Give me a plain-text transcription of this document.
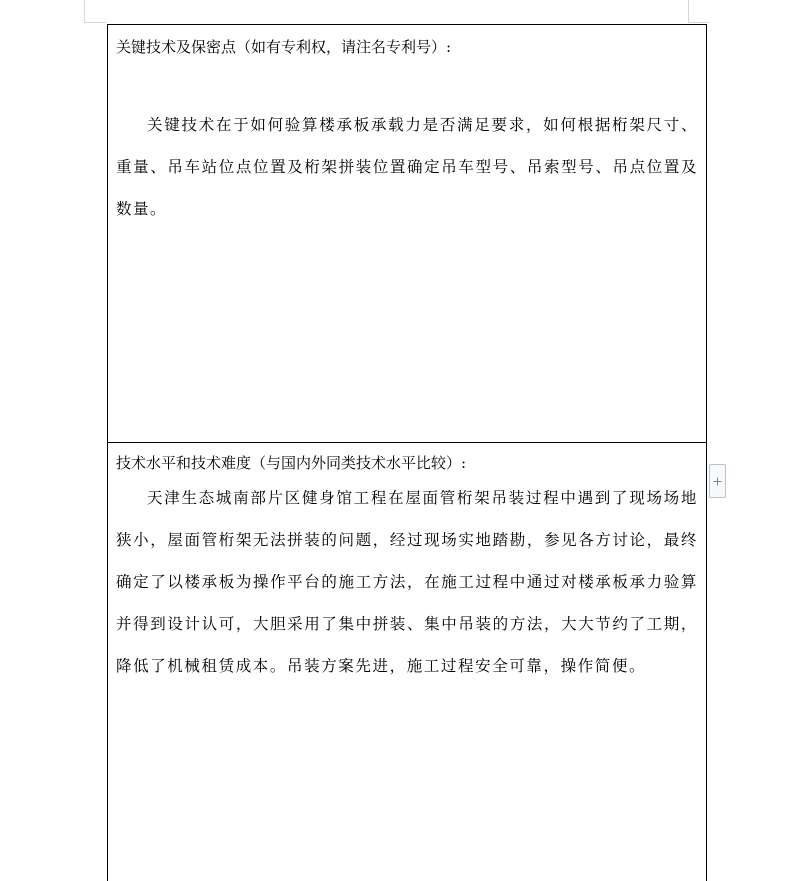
关键技术及保密点（如有专利权，请注名专利号）:

关键技术在于如何验算楼承板承载力是否满足要求，如何根据桁架尺寸、重量、吊车站位点位置及桁架拼装位置确定吊车型号、吊索型号、吊点位置及数量。

技术水平和技术难度（与国内外同类技术水平比较）:

天津生态城南部片区健身馆工程在屋面管桁架吊装过程中遇到了现场场地狭小，屋面管桁架无法拼装的问题，经过现场实地踏勘，参见各方讨论，最终确定了以楼承板为操作平台的施工方法，在施工过程中通过对楼承板承力验算并得到设计认可，大胆采用了集中拼装、集中吊装的方法，大大节约了工期，降低了机械租赁成本。吊装方案先进，施工过程安全可靠，操作简便。
